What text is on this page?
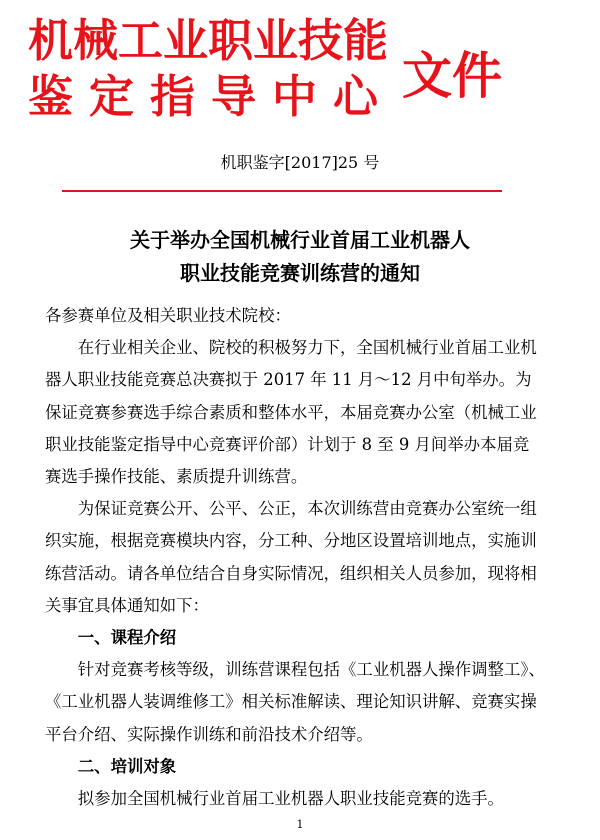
机械工业职业技能
鉴定指导中心 文件
机职鉴字[2017]25 号
关于举办全国机械行业首届工业机器人
职业技能竞赛训练营的通知

各参赛单位及相关职业技术院校：

在行业相关企业、院校的积极努力下，全国机械行业首届工业机器人职业技能竞赛总决赛拟于 2017 年 11 月～12 月中旬举办。为保证竞赛参赛选手综合素质和整体水平，本届竞赛办公室（机械工业职业技能鉴定指导中心竞赛评价部）计划于 8 至 9 月间举办本届竞赛选手操作技能、素质提升训练营。

为保证竞赛公开、公平、公正，本次训练营由竞赛办公室统一组织实施，根据竞赛模块内容，分工种、分地区设置培训地点，实施训练营活动。请各单位结合自身实际情况，组织相关人员参加，现将相关事宜具体通知如下：

一、课程介绍

针对竞赛考核等级，训练营课程包括《工业机器人操作调整工》、《工业机器人装调维修工》相关标准解读、理论知识讲解、竞赛实操平台介绍、实际操作训练和前沿技术介绍等。

二、培训对象

拟参加全国机械行业首届工业机器人职业技能竞赛的选手。

1
